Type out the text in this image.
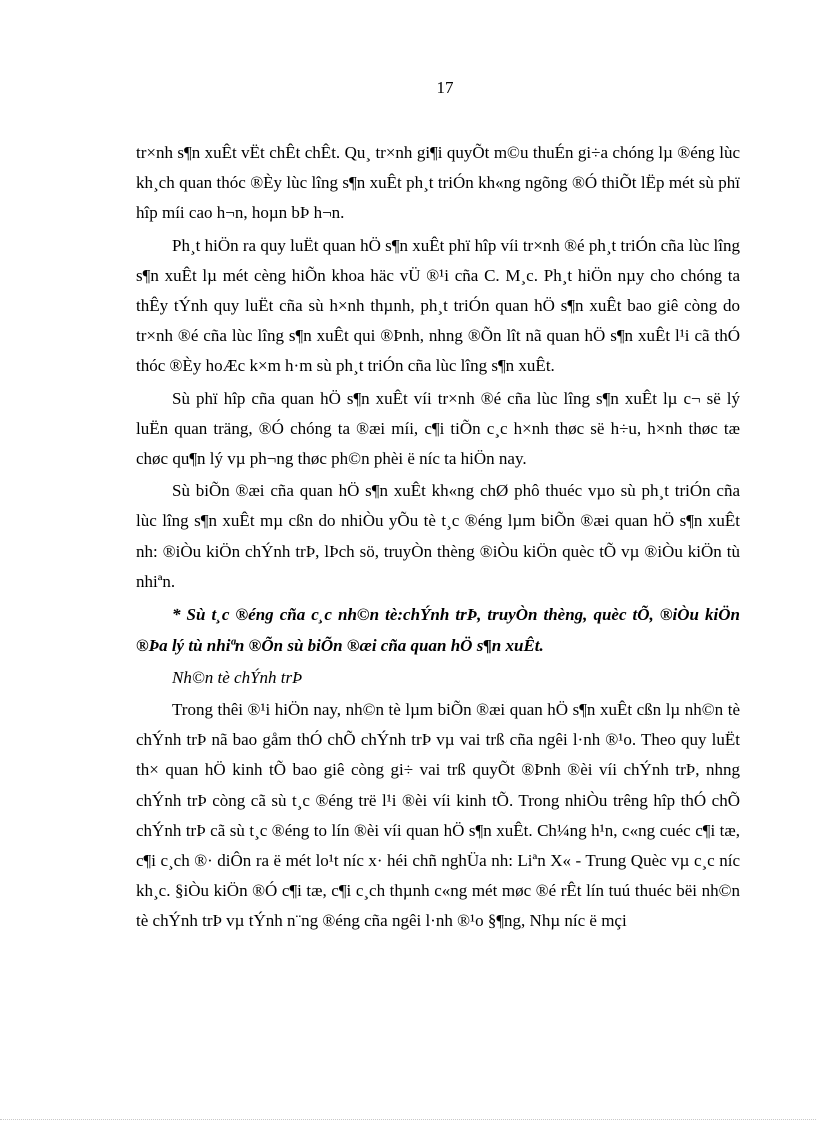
17

tr×nh s¶n xuÊt vËt chÊt chÊt. Qu¸ tr×nh gi¶i quyÕt m©u thuÉn gi÷a chóng lµ ®éng lùc kh¸ch quan thóc ®Èy lùc lîng s¶n xuÊt ph¸t triÓn kh«ng ngõng ®Ó thiÕt lËp mét sù phï hîp míi cao h¬n, hoµn bÞ h¬n.

Ph¸t hiÖn ra quy luËt quan hÖ s¶n xuÊt phï hîp víi tr×nh ®é ph¸t triÓn cña lùc lîng s¶n xuÊt lµ mét cèng hiÕn khoa häc vÜ ®¹i cña C. M¸c. Ph¸t hiÖn nµy cho chóng ta thÊy tÝnh quy luËt cña sù h×nh thµnh, ph¸t triÓn quan hÖ s¶n xuÊt bao giê còng do tr×nh ®é cña lùc lîng s¶n xuÊt qui ®Þnh, nhng ®Õn lît nã quan hÖ s¶n xuÊt l¹i cã thÓ thóc ®Èy hoÆc k×m h·m sù ph¸t triÓn cña lùc lîng s¶n xuÊt.

Sù phï hîp cña quan hÖ s¶n xuÊt víi tr×nh ®é cña lùc lîng s¶n xuÊt lµ c¬ së lý luËn quan träng, ®Ó chóng ta ®æi míi, c¶i tiÕn c¸c h×nh thøc së h÷u, h×nh thøc tæ chøc qu¶n lý vµ ph¬ng thøc ph©n phèi ë níc ta hiÖn nay.

Sù biÕn ®æi cña quan hÖ s¶n xuÊt kh«ng chØ phô thuéc vµo sù ph¸t triÓn cña lùc lîng s¶n xuÊt mµ cßn do nhiÒu yÕu tè t¸c ®éng lµm biÕn ®æi quan hÖ s¶n xuÊt nh: ®iÒu kiÖn chÝnh trÞ, lÞch sö, truyÒn thèng ®iÒu kiÖn quèc tÕ vµ ®iÒu kiÖn tù nhiªn.

* Sù t¸c ®éng cña c¸c nh©n tè:chÝnh trÞ, truyÒn thèng, quèc tÕ, ®iÒu kiÖn ®Þa lý tù nhiªn ®Õn sù biÕn ®æi cña quan hÖ s¶n xuÊt.

Nh©n tè chÝnh trÞ

Trong thêi ®¹i hiÖn nay, nh©n tè lµm biÕn ®æi quan hÖ s¶n xuÊt cßn lµ nh©n tè chÝnh trÞ nã bao gåm thÓ chÕ chÝnh trÞ vµ vai trß cña ngêi l·nh ®¹o. Theo quy luËt th× quan hÖ kinh tÕ bao giê còng gi÷ vai trß quyÕt ®Þnh ®èi víi chÝnh trÞ, nhng chÝnh trÞ còng cã sù t¸c ®éng trë l¹i ®èi víi kinh tÕ. Trong nhiÒu trêng hîp thÓ chÕ chÝnh trÞ cã sù t¸c ®éng to lín ®èi víi quan hÖ s¶n xuÊt. Ch¼ng h¹n, c«ng cuéc c¶i tæ, c¶i c¸ch ®· diÔn ra ë mét lo¹t níc x· héi chñ nghÜa nh: Liªn X« - Trung Quèc vµ c¸c níc kh¸c. §iÒu kiÖn ®Ó c¶i tæ, c¶i c¸ch thµnh c«ng mét møc ®é rÊt lín tuú thuéc bëi nh©n tè chÝnh trÞ vµ tÝnh n¨ng ®éng cña ngêi l·nh ®¹o §¶ng, Nhµ níc ë mçi
